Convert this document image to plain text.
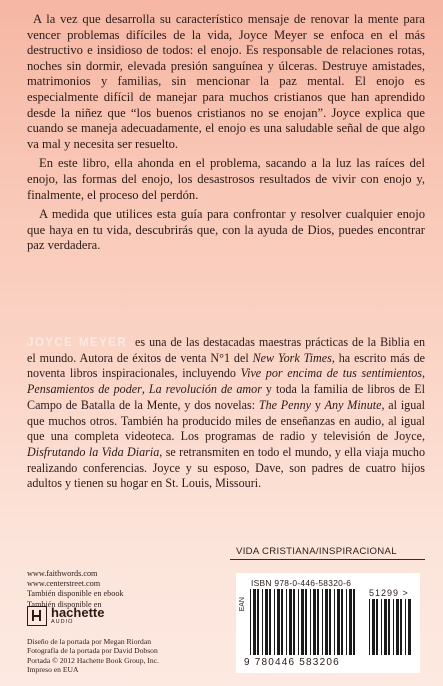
A la vez que desarrolla su característico mensaje de renovar la mente para vencer problemas difíciles de la vida, Joyce Meyer se enfoca en el más destructivo e insidioso de todos: el enojo. Es responsable de relaciones rotas, noches sin dormir, elevada presión sanguínea y úlceras. Destruye amistades, matrimonios y familias, sin mencionar la paz mental. El enojo es especialmente difícil de manejar para muchos cristianos que han aprendido desde la niñez que “los buenos cristianos no se enojan”. Joyce explica que cuando se maneja adecuadamente, el enojo es una saludable señal de que algo va mal y necesita ser resuelto.

En este libro, ella ahonda en el problema, sacando a la luz las raíces del enojo, las formas del enojo, los desastrosos resultados de vivir con enojo y, finalmente, el proceso del perdón.

A medida que utilices esta guía para confrontar y resolver cualquier enojo que haya en tu vida, descubrirás que, con la ayuda de Dios, puedes encontrar paz verdadera.

JOYCE MEYER es una de las destacadas maestras prácticas de la Biblia en el mundo. Autora de éxitos de venta N°1 del New York Times, ha escrito más de noventa libros inspiracionales, incluyendo Vive por encima de tus sentimientos, Pensamientos de poder, La revolución de amor y toda la familia de libros de El Campo de Batalla de la Mente, y dos novelas: The Penny y Any Minute, al igual que muchos otros. También ha producido miles de enseñanzas en audio, al igual que una completa videoteca. Los programas de radio y televisión de Joyce, Disfrutando la Vida Diaria, se retransmiten en todo el mundo, y ella viaja mucho realizando conferencias. Joyce y su esposo, Dave, son padres de cuatro hijos adultos y tienen su hogar en St. Louis, Missouri.

VIDA CRISTIANA/INSPIRACIONAL
www.faithwords.com
www.centerstreet.com
También disponible en ebook
También disponible en
hachette
AUDIO
Diseño de la portada por Megan Riordan
Fotografía de la portada por David Dobson
Portada © 2012 Hachette Book Group, Inc.
Impreso en EUA
ISBN 978-0-446-58320-6
EAN
51299 >
9 780446 583206
